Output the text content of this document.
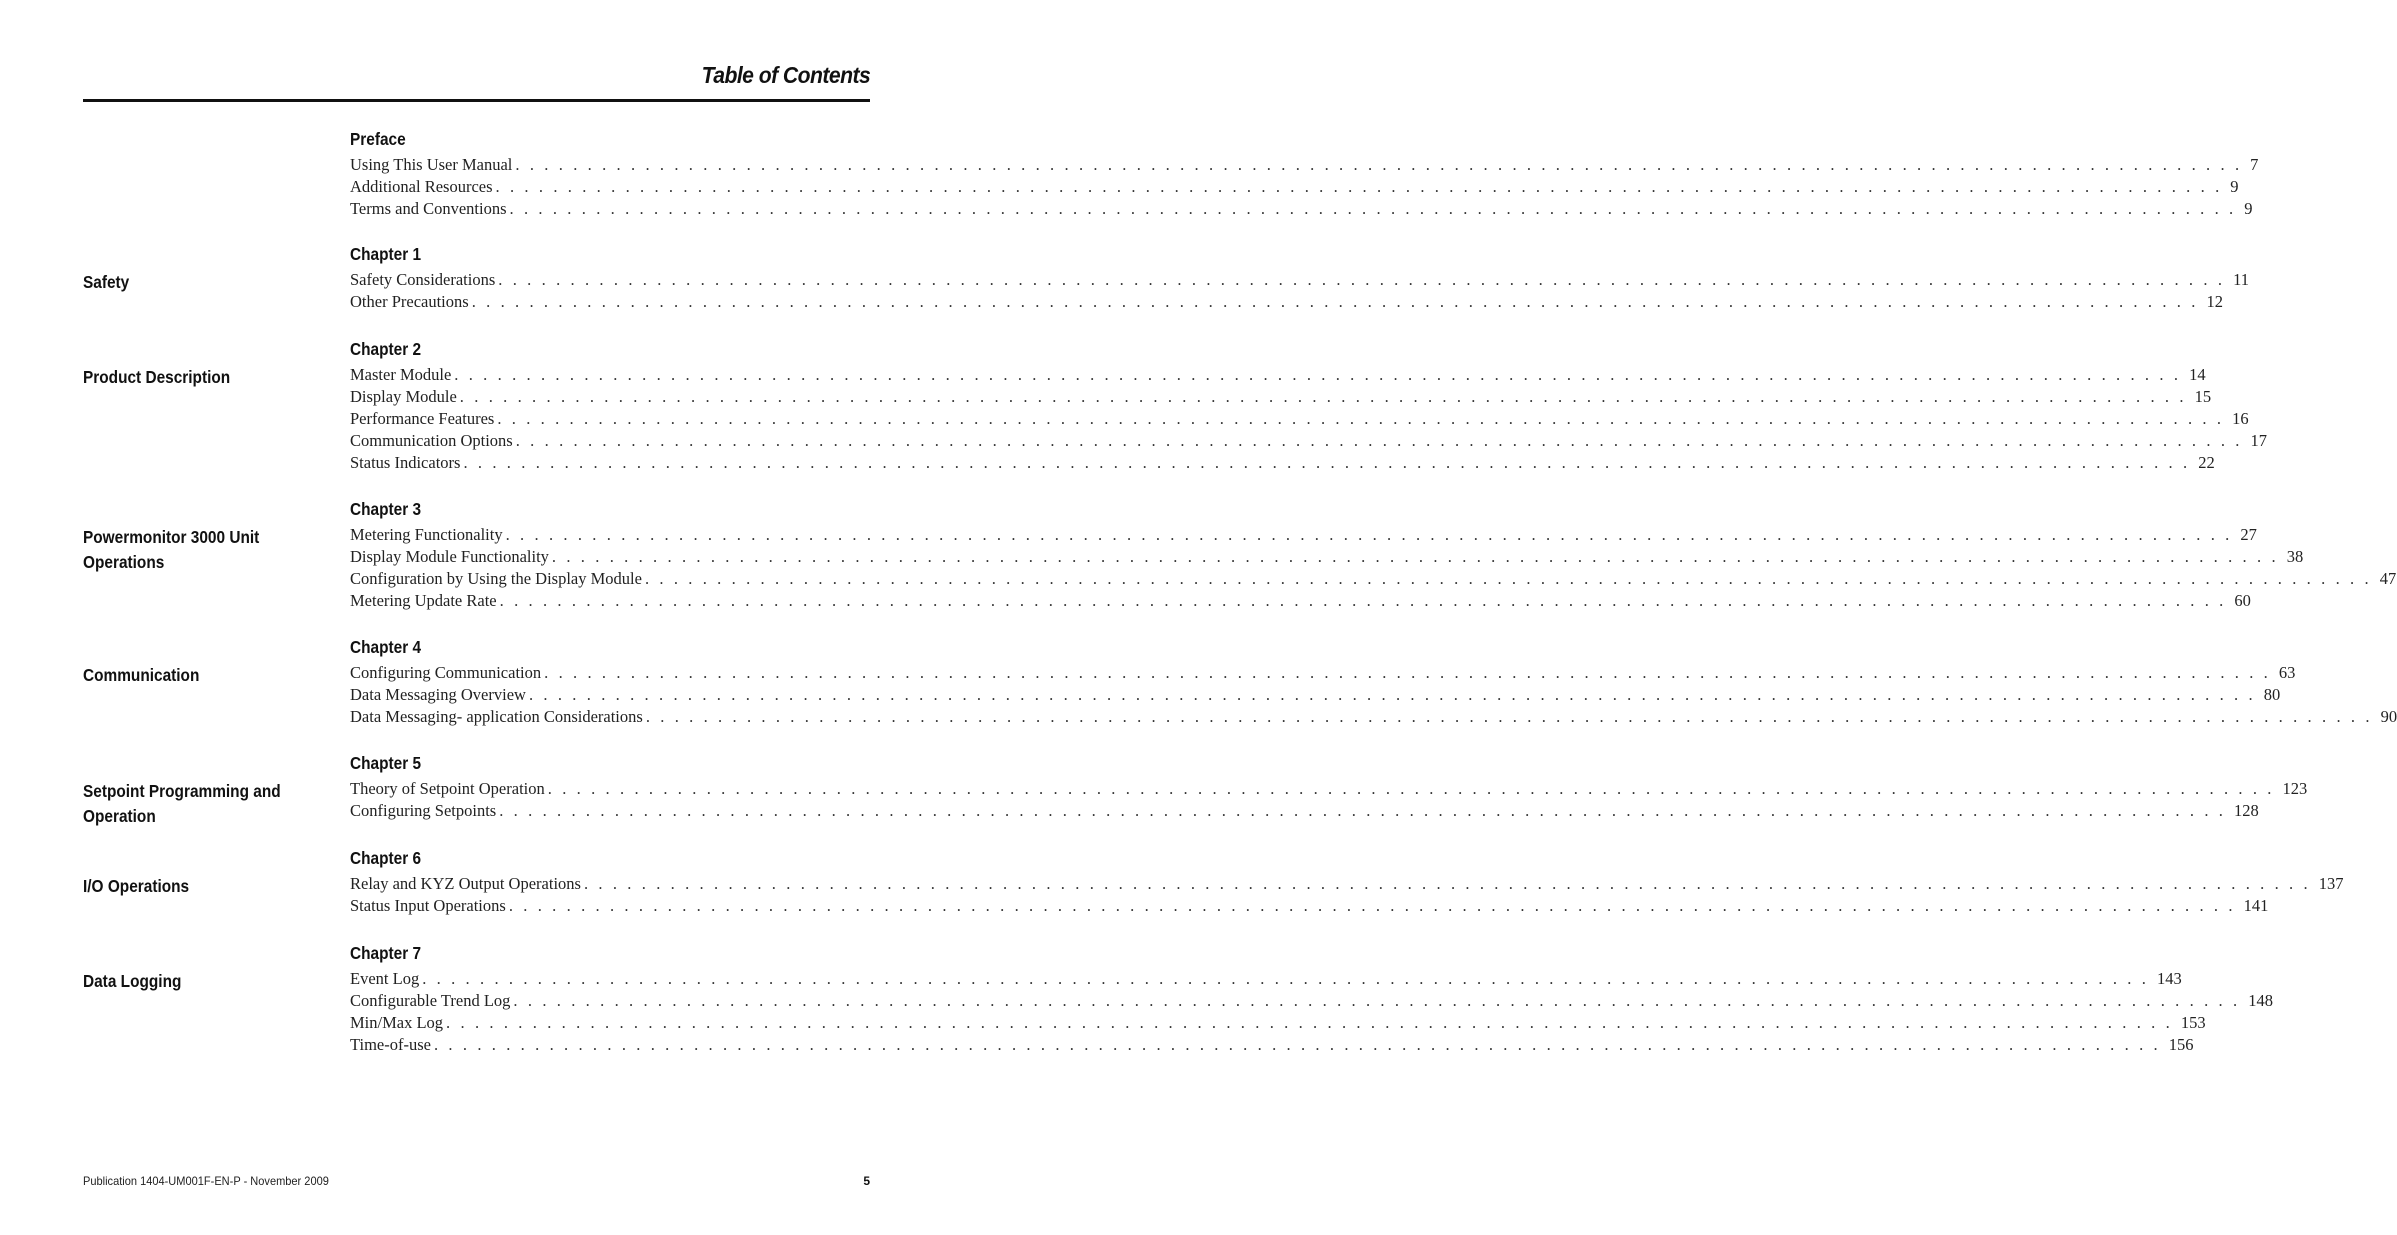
Table of Contents
Preface
Using This User Manual . . . . . . . . . . . . . . . . . . . . . . . . . . . . . . . . . . . . . . . . . . . . . . . . . . . . . . . . . . . . . . . . . . . . . . . . . . . . . . . . . . . . . . . . . . . . . . . . . . . . . . . . . . . . . . . . . . . . . . . . 7
Additional Resources . . . . . . . . . . . . . . . . . . . . . . . . . . . . . . . . . . . . . . . . . . . . . . . . . . . . . . . . . . . . . . . . . . . . . . . . . . . . . . . . . . . . . . . . . . . . . . . . . . . . . . . . . . . . . . . . . . . . . . . . 9
Terms and Conventions . . . . . . . . . . . . . . . . . . . . . . . . . . . . . . . . . . . . . . . . . . . . . . . . . . . . . . . . . . . . . . . . . . . . . . . . . . . . . . . . . . . . . . . . . . . . . . . . . . . . . . . . . . . . . . . . . . . . . . . . 9
Chapter 1
Safety	Safety Considerations . . . . . . . . . . . . . . . . . . . . . . . . . . . . . . . . . . . . . . . . . . . . . . . . . . . . . . . . . . . . . . . . . . . . . . . . . . . . . . . . . . . . . . . . . . . . . . . . . . . . . . . . . . . . . . . . . . . . . . . . 11
Other Precautions . . . . . . . . . . . . . . . . . . . . . . . . . . . . . . . . . . . . . . . . . . . . . . . . . . . . . . . . . . . . . . . . . . . . . . . . . . . . . . . . . . . . . . . . . . . . . . . . . . . . . . . . . . . . . . . . . . . . . . . . 12
Chapter 2
Product Description	Master Module . . . . . . . . . . . . . . . . . . . . . . . . . . . . . . . . . . . . . . . . . . . . . . . . . . . . . . . . . . . . . . . . . . . . . . . . . . . . . . . . . . . . . . . . . . . . . . . . . . . . . . . . . . . . . . . . . . . . . . . . 14
Display Module . . . . . . . . . . . . . . . . . . . . . . . . . . . . . . . . . . . . . . . . . . . . . . . . . . . . . . . . . . . . . . . . . . . . . . . . . . . . . . . . . . . . . . . . . . . . . . . . . . . . . . . . . . . . . . . . . . . . . . . . 15
Performance Features . . . . . . . . . . . . . . . . . . . . . . . . . . . . . . . . . . . . . . . . . . . . . . . . . . . . . . . . . . . . . . . . . . . . . . . . . . . . . . . . . . . . . . . . . . . . . . . . . . . . . . . . . . . . . . . . . . . . . . . . 16
Communication Options . . . . . . . . . . . . . . . . . . . . . . . . . . . . . . . . . . . . . . . . . . . . . . . . . . . . . . . . . . . . . . . . . . . . . . . . . . . . . . . . . . . . . . . . . . . . . . . . . . . . . . . . . . . . . . . . . . . . . . . . 17
Status Indicators . . . . . . . . . . . . . . . . . . . . . . . . . . . . . . . . . . . . . . . . . . . . . . . . . . . . . . . . . . . . . . . . . . . . . . . . . . . . . . . . . . . . . . . . . . . . . . . . . . . . . . . . . . . . . . . . . . . . . . . . 22
Chapter 3
Powermonitor 3000 Unit
Operations
Metering Functionality . . . . . . . . . . . . . . . . . . . . . . . . . . . . . . . . . . . . . . . . . . . . . . . . . . . . . . . . . . . . . . . . . . . . . . . . . . . . . . . . . . . . . . . . . . . . . . . . . . . . . . . . . . . . . . . . . . . . . . . . 27
Display Module Functionality . . . . . . . . . . . . . . . . . . . . . . . . . . . . . . . . . . . . . . . . . . . . . . . . . . . . . . . . . . . . . . . . . . . . . . . . . . . . . . . . . . . . . . . . . . . . . . . . . . . . . . . . . . . . . . . . . . . . . . . . 38
Configuration by Using the Display Module . . . . . . . . . . . . . . . . . . . . . . . . . . . . . . . . . . . . . . . . . . . . . . . . . . . . . . . . . . . . . . . . . . . . . . . . . . . . . . . . . . . . . . . . . . . . . . . . . . . . . . . . . . . . . . . . . . . . . . . . 47
Metering Update Rate . . . . . . . . . . . . . . . . . . . . . . . . . . . . . . . . . . . . . . . . . . . . . . . . . . . . . . . . . . . . . . . . . . . . . . . . . . . . . . . . . . . . . . . . . . . . . . . . . . . . . . . . . . . . . . . . . . . . . . . . 60
Chapter 4
Communication	Configuring Communication . . . . . . . . . . . . . . . . . . . . . . . . . . . . . . . . . . . . . . . . . . . . . . . . . . . . . . . . . . . . . . . . . . . . . . . . . . . . . . . . . . . . . . . . . . . . . . . . . . . . . . . . . . . . . . . . . . . . . . . . 63
Data Messaging Overview . . . . . . . . . . . . . . . . . . . . . . . . . . . . . . . . . . . . . . . . . . . . . . . . . . . . . . . . . . . . . . . . . . . . . . . . . . . . . . . . . . . . . . . . . . . . . . . . . . . . . . . . . . . . . . . . . . . . . . . . 80
Data Messaging- application Considerations . . . . . . . . . . . . . . . . . . . . . . . . . . . . . . . . . . . . . . . . . . . . . . . . . . . . . . . . . . . . . . . . . . . . . . . . . . . . . . . . . . . . . . . . . . . . . . . . . . . . . . . . . . . . . . . . . . . . . . . . 90
Chapter 5
Setpoint Programming and
Operation
Theory of Setpoint Operation . . . . . . . . . . . . . . . . . . . . . . . . . . . . . . . . . . . . . . . . . . . . . . . . . . . . . . . . . . . . . . . . . . . . . . . . . . . . . . . . . . . . . . . . . . . . . . . . . . . . . . . . . . . . . . . . . . . . . . . . 123
Configuring Setpoints . . . . . . . . . . . . . . . . . . . . . . . . . . . . . . . . . . . . . . . . . . . . . . . . . . . . . . . . . . . . . . . . . . . . . . . . . . . . . . . . . . . . . . . . . . . . . . . . . . . . . . . . . . . . . . . . . . . . . . . . 128
Chapter 6
I/O Operations	Relay and KYZ Output Operations . . . . . . . . . . . . . . . . . . . . . . . . . . . . . . . . . . . . . . . . . . . . . . . . . . . . . . . . . . . . . . . . . . . . . . . . . . . . . . . . . . . . . . . . . . . . . . . . . . . . . . . . . . . . . . . . . . . . . . . . 137
Status Input Operations . . . . . . . . . . . . . . . . . . . . . . . . . . . . . . . . . . . . . . . . . . . . . . . . . . . . . . . . . . . . . . . . . . . . . . . . . . . . . . . . . . . . . . . . . . . . . . . . . . . . . . . . . . . . . . . . . . . . . . . . 141
Chapter 7
Data Logging	Event Log . . . . . . . . . . . . . . . . . . . . . . . . . . . . . . . . . . . . . . . . . . . . . . . . . . . . . . . . . . . . . . . . . . . . . . . . . . . . . . . . . . . . . . . . . . . . . . . . . . . . . . . . . . . . . . . . . . . . . . . . 143
Configurable Trend Log . . . . . . . . . . . . . . . . . . . . . . . . . . . . . . . . . . . . . . . . . . . . . . . . . . . . . . . . . . . . . . . . . . . . . . . . . . . . . . . . . . . . . . . . . . . . . . . . . . . . . . . . . . . . . . . . . . . . . . . . 148
Min/Max Log . . . . . . . . . . . . . . . . . . . . . . . . . . . . . . . . . . . . . . . . . . . . . . . . . . . . . . . . . . . . . . . . . . . . . . . . . . . . . . . . . . . . . . . . . . . . . . . . . . . . . . . . . . . . . . . . . . . . . . . . 153
Time-of-use . . . . . . . . . . . . . . . . . . . . . . . . . . . . . . . . . . . . . . . . . . . . . . . . . . . . . . . . . . . . . . . . . . . . . . . . . . . . . . . . . . . . . . . . . . . . . . . . . . . . . . . . . . . . . . . . . . . . . . . . 156
Publication 1404-UM001F-EN-P - November 2009	5
